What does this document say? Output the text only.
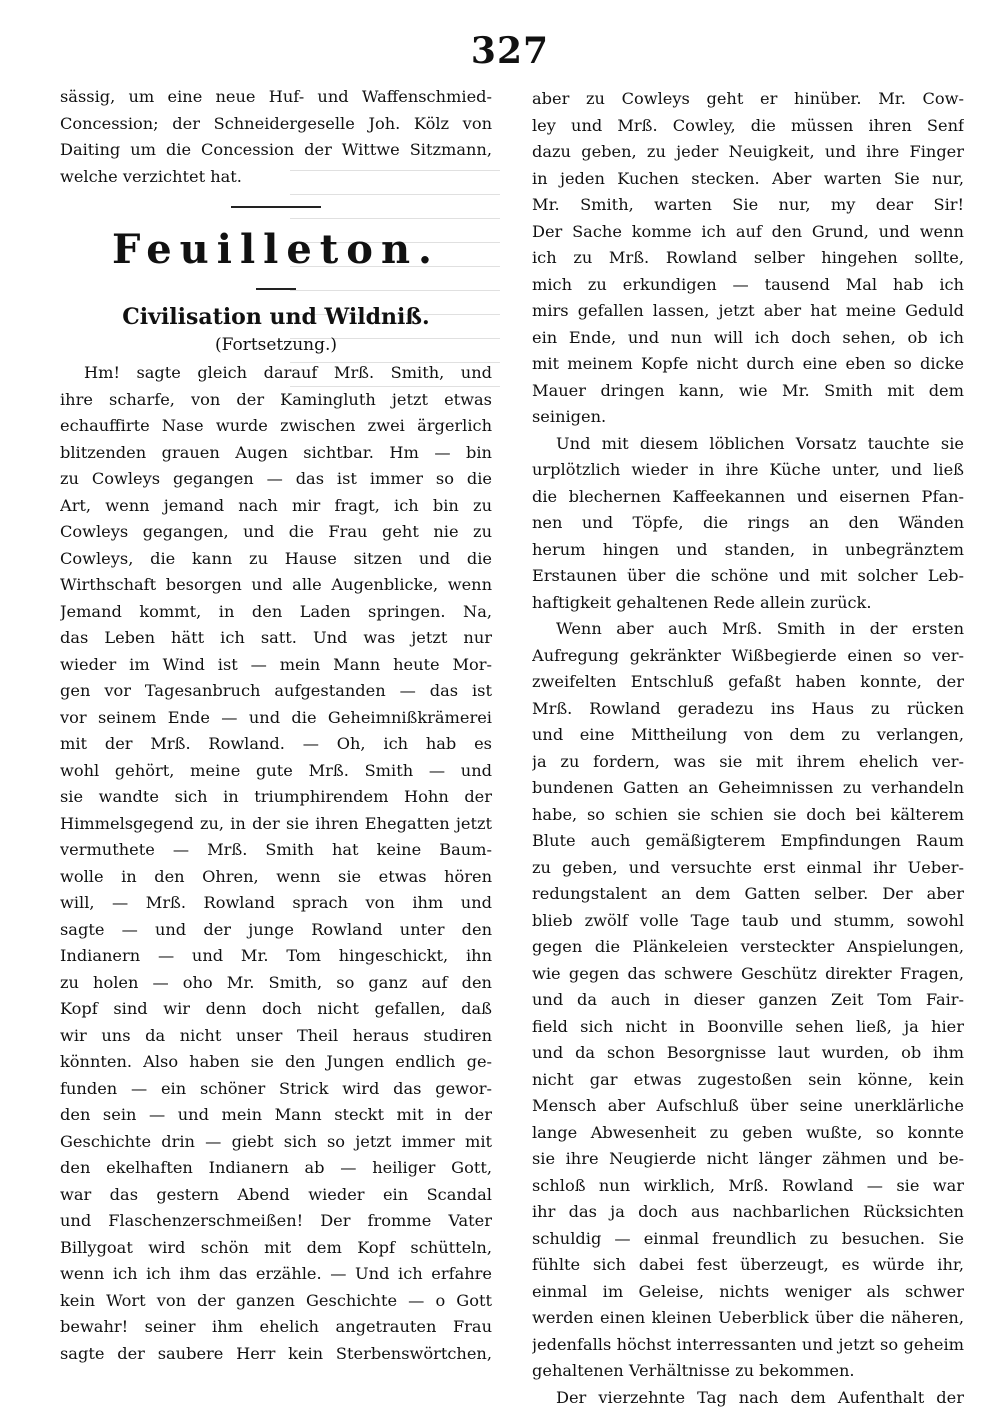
327
sässig, um eine neue Huf- und Waffenschmied-
Concession; der Schneidergeselle Joh. Kölz von
Daiting um die Concession der Wittwe Sitzmann,
welche verzichtet hat.
Feuilleton.
Civilisation und Wildniß.
(Fortsetzung.)
Hm! sagte gleich darauf Mrß. Smith, und
ihre scharfe, von der Kamingluth jetzt etwas
echauffirte Nase wurde zwischen zwei ärgerlich
blitzenden grauen Augen sichtbar. Hm — bin
zu Cowleys gegangen — das ist immer so die
Art, wenn jemand nach mir fragt, ich bin zu
Cowleys gegangen, und die Frau geht nie zu
Cowleys, die kann zu Hause sitzen und die
Wirthschaft besorgen und alle Augenblicke, wenn
Jemand kommt, in den Laden springen. Na,
das Leben hätt ich satt. Und was jetzt nur
wieder im Wind ist — mein Mann heute Mor-
gen vor Tagesanbruch aufgestanden — das ist
vor seinem Ende — und die Geheimnißkrämerei
mit der Mrß. Rowland. — Oh, ich hab es
wohl gehört, meine gute Mrß. Smith — und
sie wandte sich in triumphirendem Hohn der
Himmelsgegend zu, in der sie ihren Ehegatten jetzt
vermuthete — Mrß. Smith hat keine Baum-
wolle in den Ohren, wenn sie etwas hören
will, — Mrß. Rowland sprach von ihm und
sagte — und der junge Rowland unter den
Indianern — und Mr. Tom hingeschickt, ihn
zu holen — oho Mr. Smith, so ganz auf den
Kopf sind wir denn doch nicht gefallen, daß
wir uns da nicht unser Theil heraus studiren
könnten. Also haben sie den Jungen endlich ge-
funden — ein schöner Strick wird das gewor-
den sein — und mein Mann steckt mit in der
Geschichte drin — giebt sich so jetzt immer mit
den ekelhaften Indianern ab — heiliger Gott,
war das gestern Abend wieder ein Scandal
und Flaschenzerschmeißen! Der fromme Vater
Billygoat wird schön mit dem Kopf schütteln,
wenn ich ich ihm das erzähle. — Und ich erfahre
kein Wort von der ganzen Geschichte — o Gott
bewahr! seiner ihm ehelich angetrauten Frau
sagte der saubere Herr kein Sterbenswörtchen,
aber zu Cowleys geht er hinüber. Mr. Cow-
ley und Mrß. Cowley, die müssen ihren Senf
dazu geben, zu jeder Neuigkeit, und ihre Finger
in jeden Kuchen stecken. Aber warten Sie nur,
Mr. Smith, warten Sie nur, my dear Sir!
Der Sache komme ich auf den Grund, und wenn
ich zu Mrß. Rowland selber hingehen sollte,
mich zu erkundigen — tausend Mal hab ich
mirs gefallen lassen, jetzt aber hat meine Geduld
ein Ende, und nun will ich doch sehen, ob ich
mit meinem Kopfe nicht durch eine eben so dicke
Mauer dringen kann, wie Mr. Smith mit dem
seinigen.
Und mit diesem löblichen Vorsatz tauchte sie
urplötzlich wieder in ihre Küche unter, und ließ
die blechernen Kaffeekannen und eisernen Pfan-
nen und Töpfe, die rings an den Wänden
herum hingen und standen, in unbegränztem
Erstaunen über die schöne und mit solcher Leb-
haftigkeit gehaltenen Rede allein zurück.
Wenn aber auch Mrß. Smith in der ersten
Aufregung gekränkter Wißbegierde einen so ver-
zweifelten Entschluß gefaßt haben konnte, der
Mrß. Rowland geradezu ins Haus zu rücken
und eine Mittheilung von dem zu verlangen,
ja zu fordern, was sie mit ihrem ehelich ver-
bundenen Gatten an Geheimnissen zu verhandeln
habe, so schien sie schien sie doch bei kälterem
Blute auch gemäßigterem Empfindungen Raum
zu geben, und versuchte erst einmal ihr Ueber-
redungstalent an dem Gatten selber. Der aber
blieb zwölf volle Tage taub und stumm, sowohl
gegen die Plänkeleien versteckter Anspielungen,
wie gegen das schwere Geschütz direkter Fragen,
und da auch in dieser ganzen Zeit Tom Fair-
field sich nicht in Boonville sehen ließ, ja hier
und da schon Besorgnisse laut wurden, ob ihm
nicht gar etwas zugestoßen sein könne, kein
Mensch aber Aufschluß über seine unerklärliche
lange Abwesenheit zu geben wußte, so konnte
sie ihre Neugierde nicht länger zähmen und be-
schloß nun wirklich, Mrß. Rowland — sie war
ihr das ja doch aus nachbarlichen Rücksichten
schuldig — einmal freundlich zu besuchen. Sie
fühlte sich dabei fest überzeugt, es würde ihr,
einmal im Geleise, nichts weniger als schwer
werden einen kleinen Ueberblick über die näheren,
jedenfalls höchst interressanten und jetzt so geheim
gehaltenen Verhältnisse zu bekommen.
Der vierzehnte Tag nach dem Aufenthalt der
